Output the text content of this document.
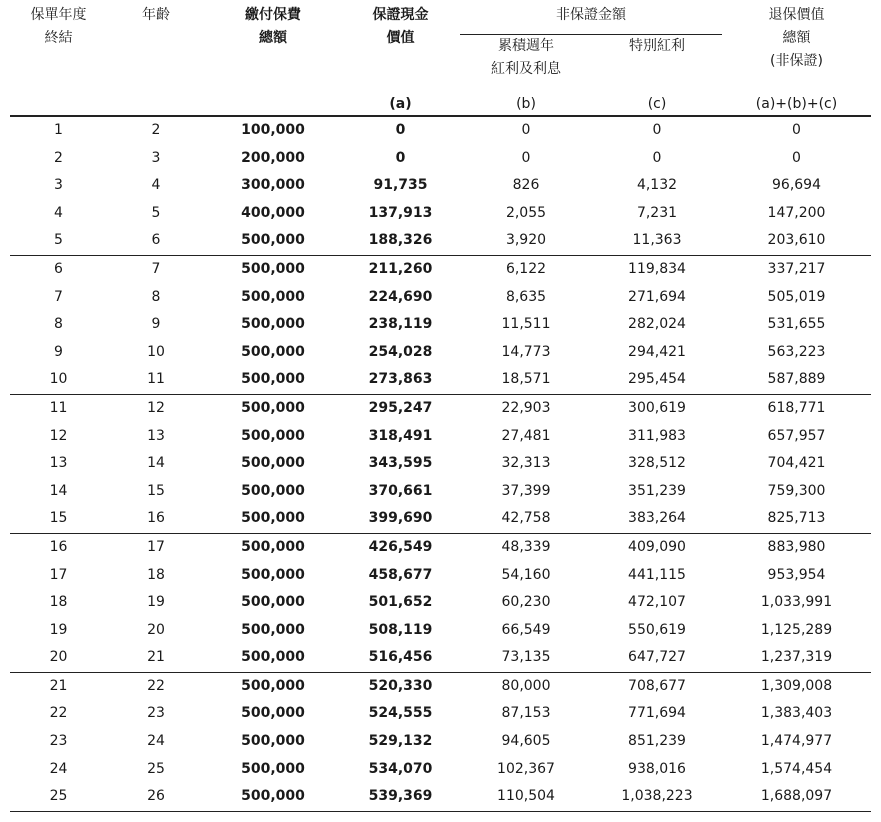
保單年度
終結	年齡	繳付保費
總額	保證現金
價值	非保證金額		退保價值
總額
(非保證)

				累積週年
紅利及利息	特別紅利	

			(a)	(b)	(c)	(a)+(b)+(c)
1	2	100,000	0	0	0	0
2	3	200,000	0	0	0	0
3	4	300,000	91,735	826	4,132	96,694
4	5	400,000	137,913	2,055	7,231	147,200
5	6	500,000	188,326	3,920	11,363	203,610
6	7	500,000	211,260	6,122	119,834	337,217
7	8	500,000	224,690	8,635	271,694	505,019
8	9	500,000	238,119	11,511	282,024	531,655
9	10	500,000	254,028	14,773	294,421	563,223
10	11	500,000	273,863	18,571	295,454	587,889
11	12	500,000	295,247	22,903	300,619	618,771
12	13	500,000	318,491	27,481	311,983	657,957
13	14	500,000	343,595	32,313	328,512	704,421
14	15	500,000	370,661	37,399	351,239	759,300
15	16	500,000	399,690	42,758	383,264	825,713
16	17	500,000	426,549	48,339	409,090	883,980
17	18	500,000	458,677	54,160	441,115	953,954
18	19	500,000	501,652	60,230	472,107	1,033,991
19	20	500,000	508,119	66,549	550,619	1,125,289
20	21	500,000	516,456	73,135	647,727	1,237,319
21	22	500,000	520,330	80,000	708,677	1,309,008
22	23	500,000	524,555	87,153	771,694	1,383,403
23	24	500,000	529,132	94,605	851,239	1,474,977
24	25	500,000	534,070	102,367	938,016	1,574,454
25	26	500,000	539,369	110,504	1,038,223	1,688,097
